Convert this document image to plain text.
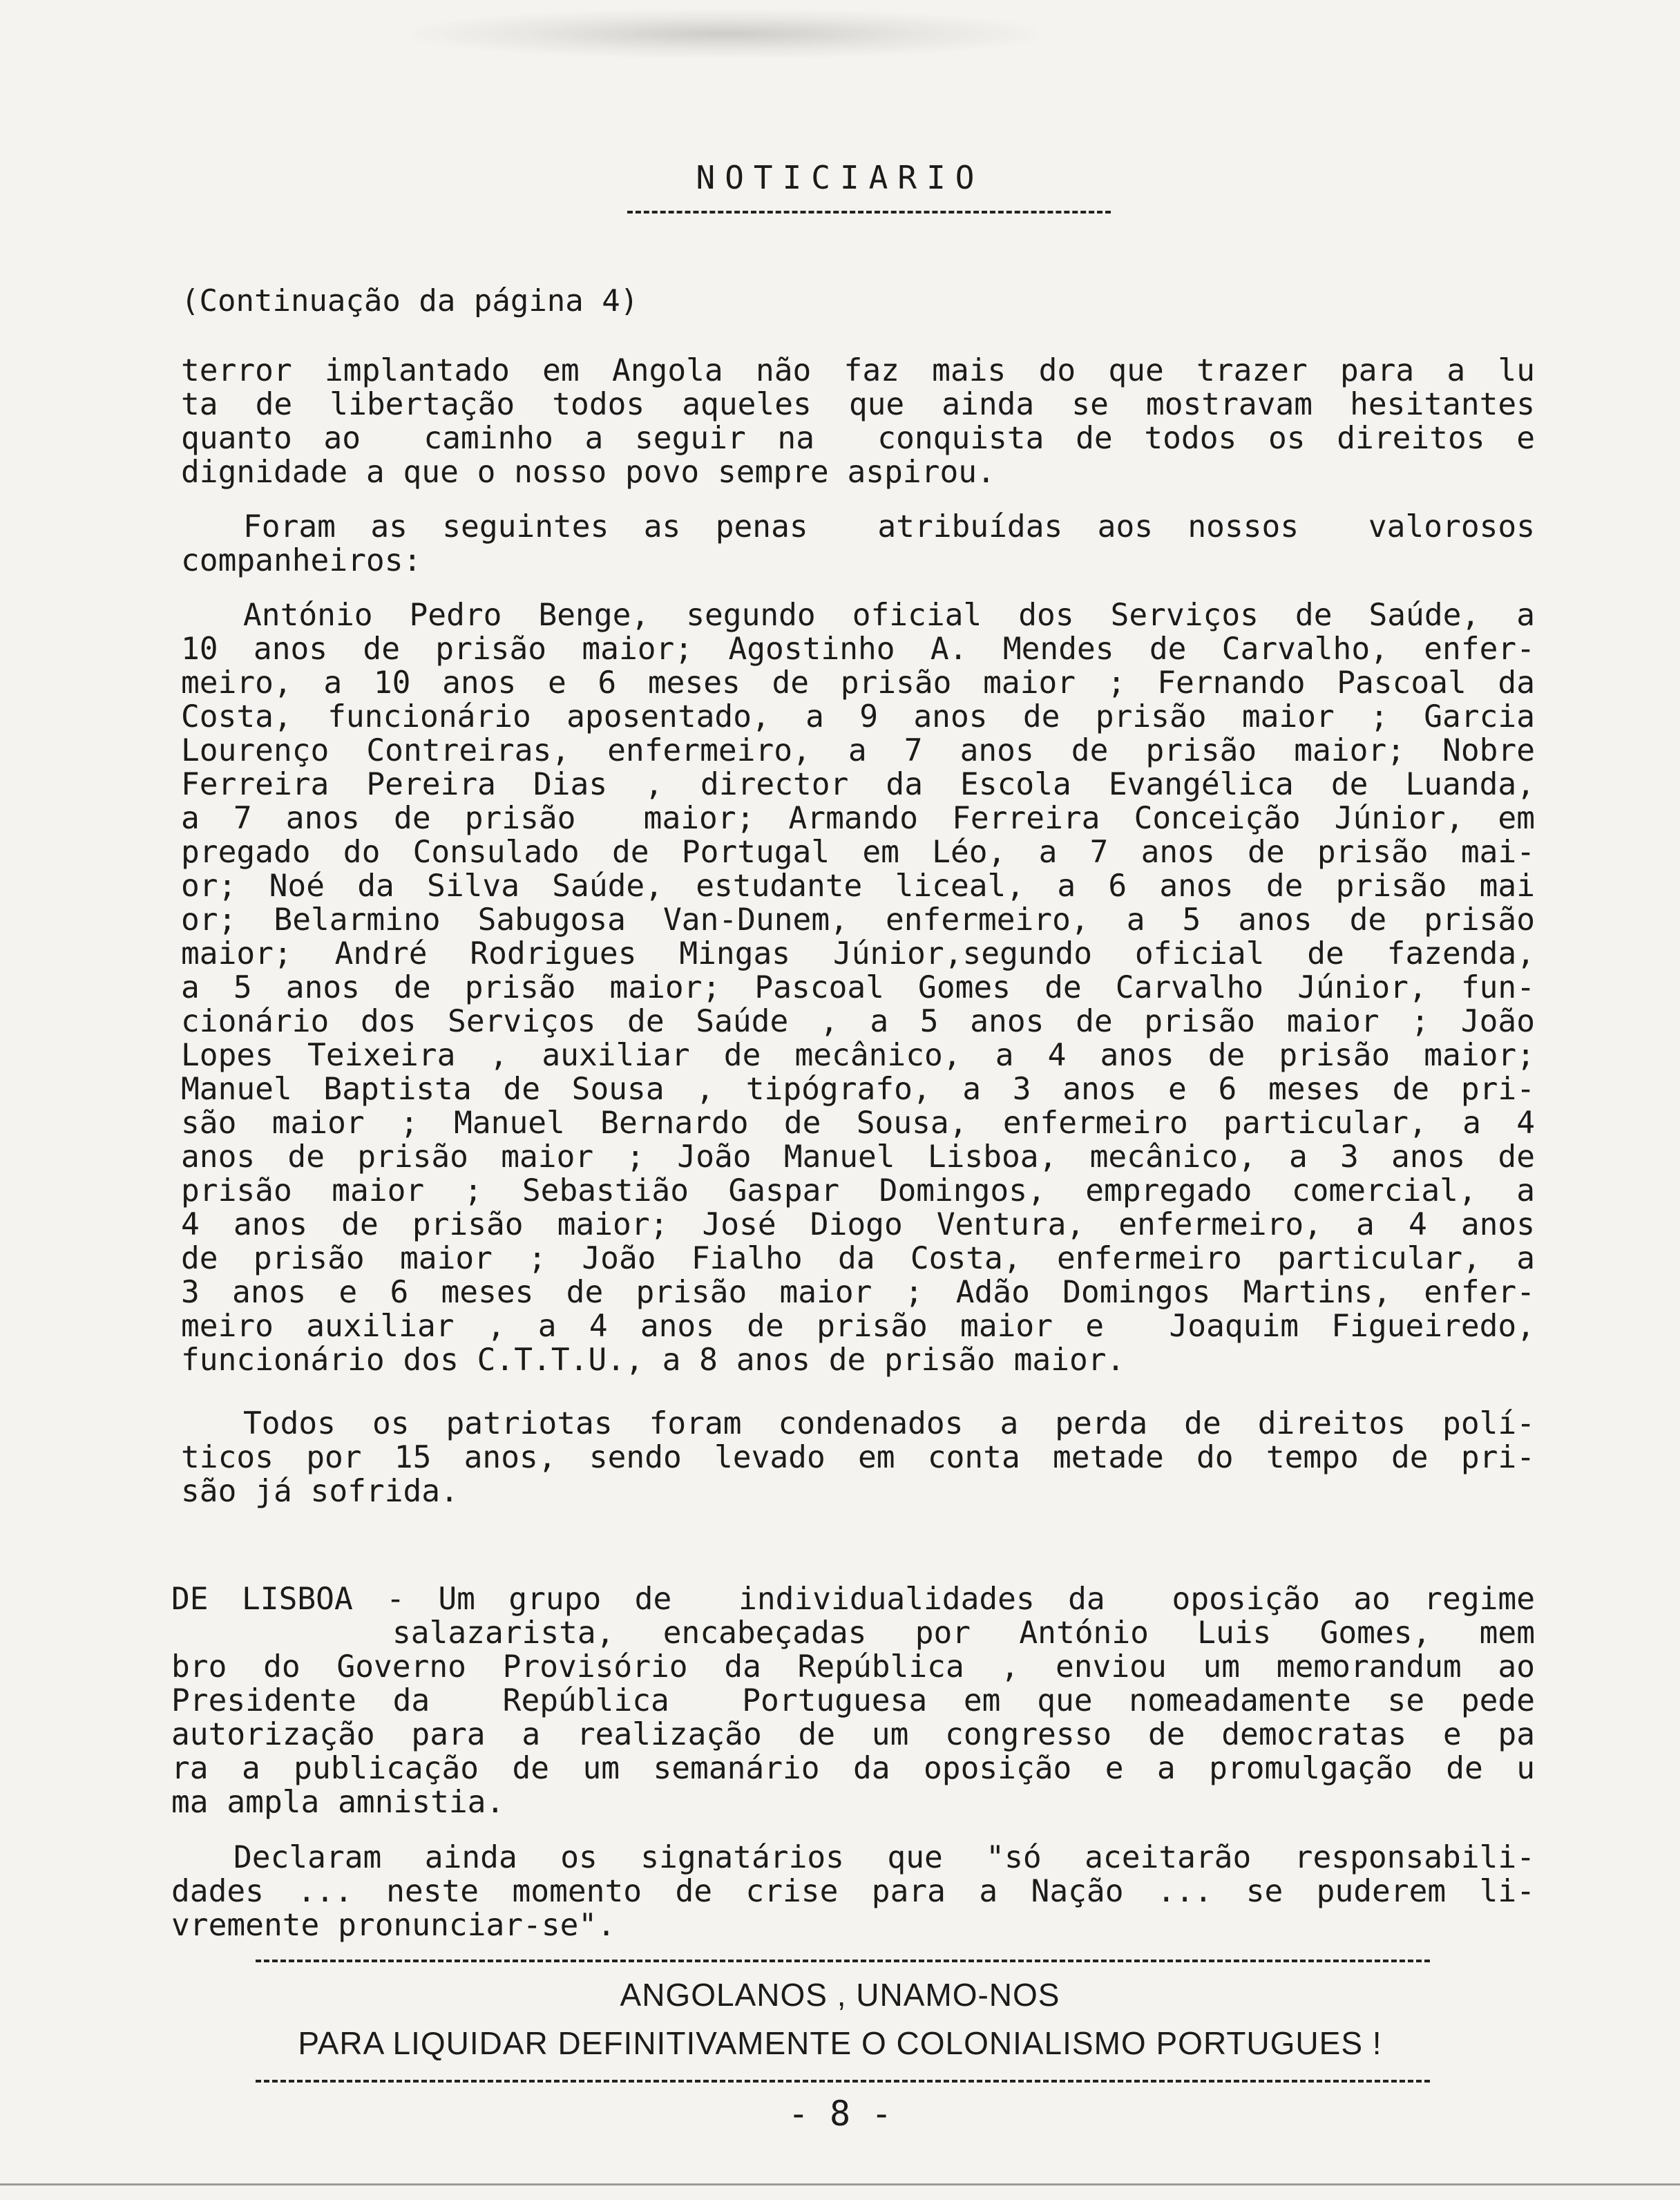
NOTICIARIO
(Continuação da página 4)
terror implantado em Angola não faz mais do que trazer para a lu
ta de libertação todos aqueles que ainda se mostravam hesitantes
quanto ao  caminho a seguir na  conquista de todos os direitos e
dignidade a que o nosso povo sempre aspirou.
Foram as seguintes as penas  atribuídas aos nossos  valorosos
companheiros:
António Pedro Benge, segundo oficial dos Serviços de Saúde, a
10 anos de prisão maior; Agostinho A. Mendes de Carvalho, enfer-
meiro, a 10 anos e 6 meses de prisão maior ; Fernando Pascoal da
Costa, funcionário aposentado, a 9 anos de prisão maior ; Garcia
Lourenço Contreiras, enfermeiro, a 7 anos de prisão maior; Nobre
Ferreira Pereira Dias , director da Escola Evangélica de Luanda,
a 7 anos de prisão  maior; Armando Ferreira Conceição Júnior, em
pregado do Consulado de Portugal em Léo, a 7 anos de prisão mai-
or; Noé da Silva Saúde, estudante liceal, a 6 anos de prisão mai
or; Belarmino Sabugosa Van-Dunem, enfermeiro, a 5 anos de prisão
maior; André Rodrigues Mingas Júnior,segundo oficial de fazenda,
a 5 anos de prisão maior; Pascoal Gomes de Carvalho Júnior, fun-
cionário dos Serviços de Saúde , a 5 anos de prisão maior ; João
Lopes Teixeira , auxiliar de mecânico, a 4 anos de prisão maior;
Manuel Baptista de Sousa , tipógrafo, a 3 anos e 6 meses de pri-
são maior ; Manuel Bernardo de Sousa, enfermeiro particular, a 4
anos de prisão maior ; João Manuel Lisboa, mecânico, a 3 anos de
prisão maior ; Sebastião Gaspar Domingos, empregado comercial, a
4 anos de prisão maior; José Diogo Ventura, enfermeiro, a 4 anos
de prisão maior ; João Fialho da Costa, enfermeiro particular, a
3 anos e 6 meses de prisão maior ; Adão Domingos Martins, enfer-
meiro auxiliar , a 4 anos de prisão maior e  Joaquim Figueiredo,
funcionário dos C.T.T.U., a 8 anos de prisão maior.
Todos os patriotas foram condenados a perda de direitos polí-
ticos por 15 anos, sendo levado em conta metade do tempo de pri-
são já sofrida.
DE LISBOA - Um grupo de  individualidades da  oposição ao regime
salazarista, encabeçadas por António Luis Gomes, mem
bro do Governo Provisório da República , enviou um memorandum ao
Presidente da  República  Portuguesa em que nomeadamente se pede
autorização para a realização de um congresso de democratas e pa
ra a publicação de um semanário da oposição e a promulgação de u
ma ampla amnistia.
Declaram ainda os signatários que "só aceitarão responsabili-
dades ... neste momento de crise para a Nação ... se puderem li-
vremente pronunciar-se".
ANGOLANOS , UNAMO-NOS
PARA LIQUIDAR DEFINITIVAMENTE O COLONIALISMO PORTUGUES !
- 8 -
